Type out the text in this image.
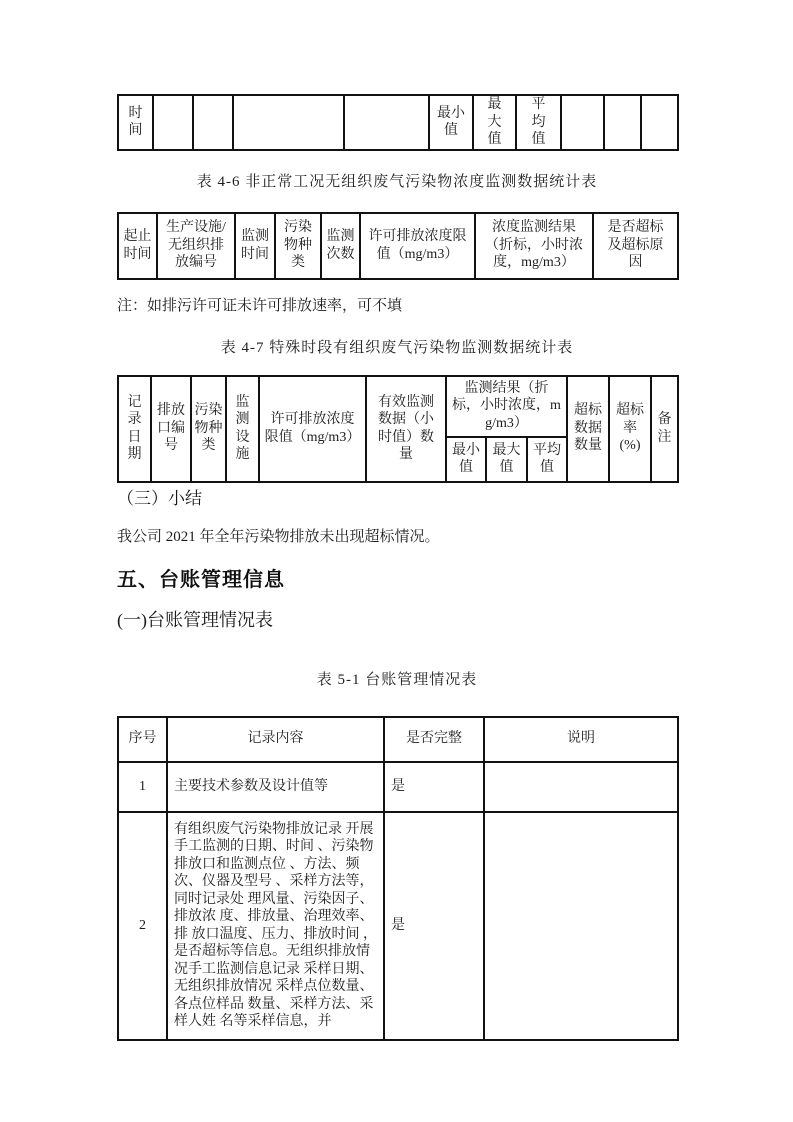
时间					最小值	最大值	平均值			

表 4-6 非正常工况无组织废气污染物浓度监测数据统计表

起止时间	生产设施/无组织排放编号	监测时间	污染物种类	监测次数	许可排放浓度限值（mg/m3）	浓度监测结果（折标，小时浓度，mg/m3）	是否超标及超标原因

注：如排污许可证未许可排放速率，可不填

表 4-7 特殊时段有组织废气污染物监测数据统计表

记录日期	排放口编号	污染物种类	监测设施	许可排放浓度限值（mg/m3）	有效监测数据（小时值）数量	监测结果（折标，小时浓度，mg/m3）			超标数据数量	超标率(%)	备注
						最小值	最大值	平均值			

（三）小结

我公司 2021 年全年污染物排放未出现超标情况。

五、台账管理信息

(一)台账管理情况表

表 5-1 台账管理情况表

序号	记录内容	是否完整	说明
1	主要技术参数及设计值等	是	
2	有组织废气污染物排放记录 开展手工监测的日期、时间 、污染物排放口和监测点位 、方法、频次、仪器及型号 、采样方法等，同时记录处 理风量、污染因子、排放浓 度、排放量、治理效率、排 放口温度、压力、排放时间 ，是否超标等信息。无组织排放情况手工监测信息记录 采样日期、无组织排放情况 采样点位数量、各点位样品 数量、采样方法、采样人姓 名等采样信息，并	是	
